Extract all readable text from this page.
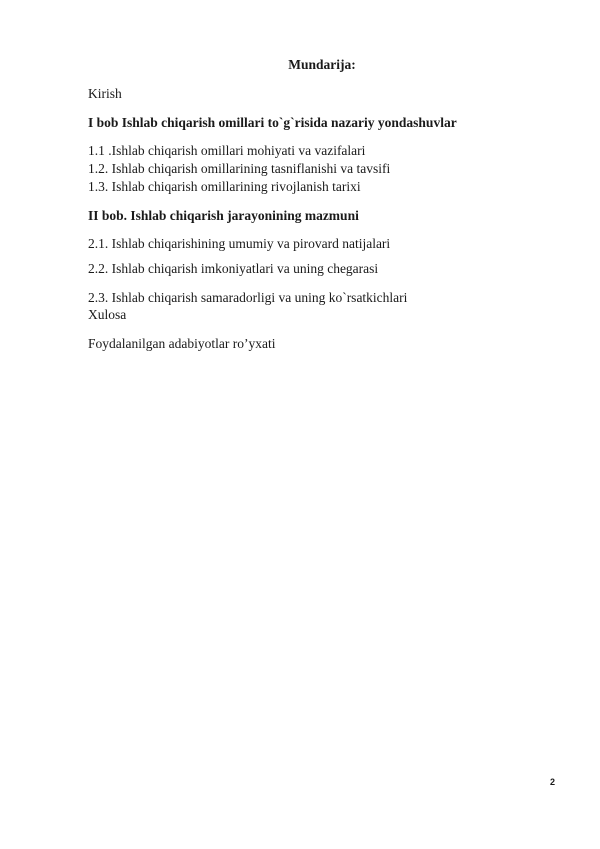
Mundarija:
Kirish
I bob Ishlab chiqarish omillari to`g`risida nazariy yondashuvlar
1.1 .Ishlab chiqarish omillari mohiyati va vazifalari
1.2. Ishlab chiqarish omillarining tasniflanishi va tavsifi
1.3. Ishlab chiqarish omillarining rivojlanish tarixi
II bob. Ishlab chiqarish jarayonining mazmuni
2.1. Ishlab chiqarishining umumiy va pirovard natijalari
2.2. Ishlab chiqarish imkoniyatlari va uning chegarasi
2.3. Ishlab chiqarish samaradorligi va uning ko`rsatkichlari
Xulosa
Foydalanilgan adabiyotlar ro’yxati
2
